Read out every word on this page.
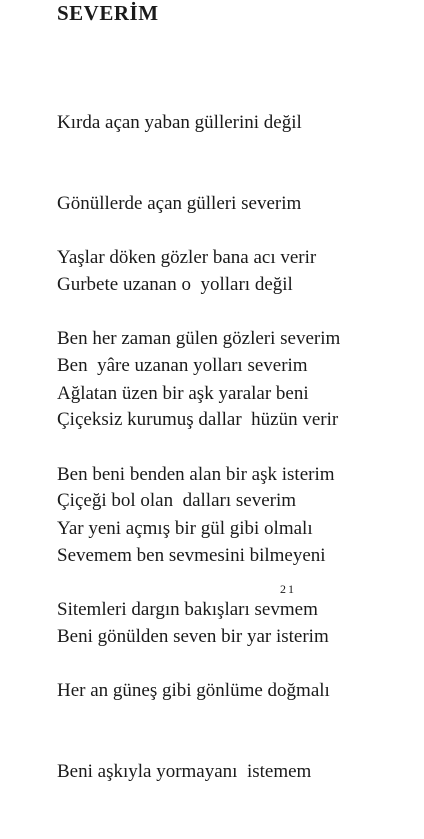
SEVERİM

Kırda açan yaban güllerini değil

Gönüllerde açan gülleri severim

Gurbete uzanan o  yolları değil

Ben  yâre uzanan yolları severim

Yaşlar döken gözler bana acı verir

Ben her zaman gülen gözleri severim

Çiçeksiz kurumuş dallar  hüzün verir

Çiçeği bol olan  dalları severim

Ağlatan üzen bir aşk yaralar beni

Ben beni benden alan bir aşk isterim

Sevemem ben sevmesini bilmeyeni

Beni gönülden seven bir yar isterim

Yar yeni açmış bir gül gibi olmalı

Sitemleri dargın bakışları sevmem

Her an güneş gibi gönlüme doğmalı

Beni aşkıyla yormayanı  istemem

21
